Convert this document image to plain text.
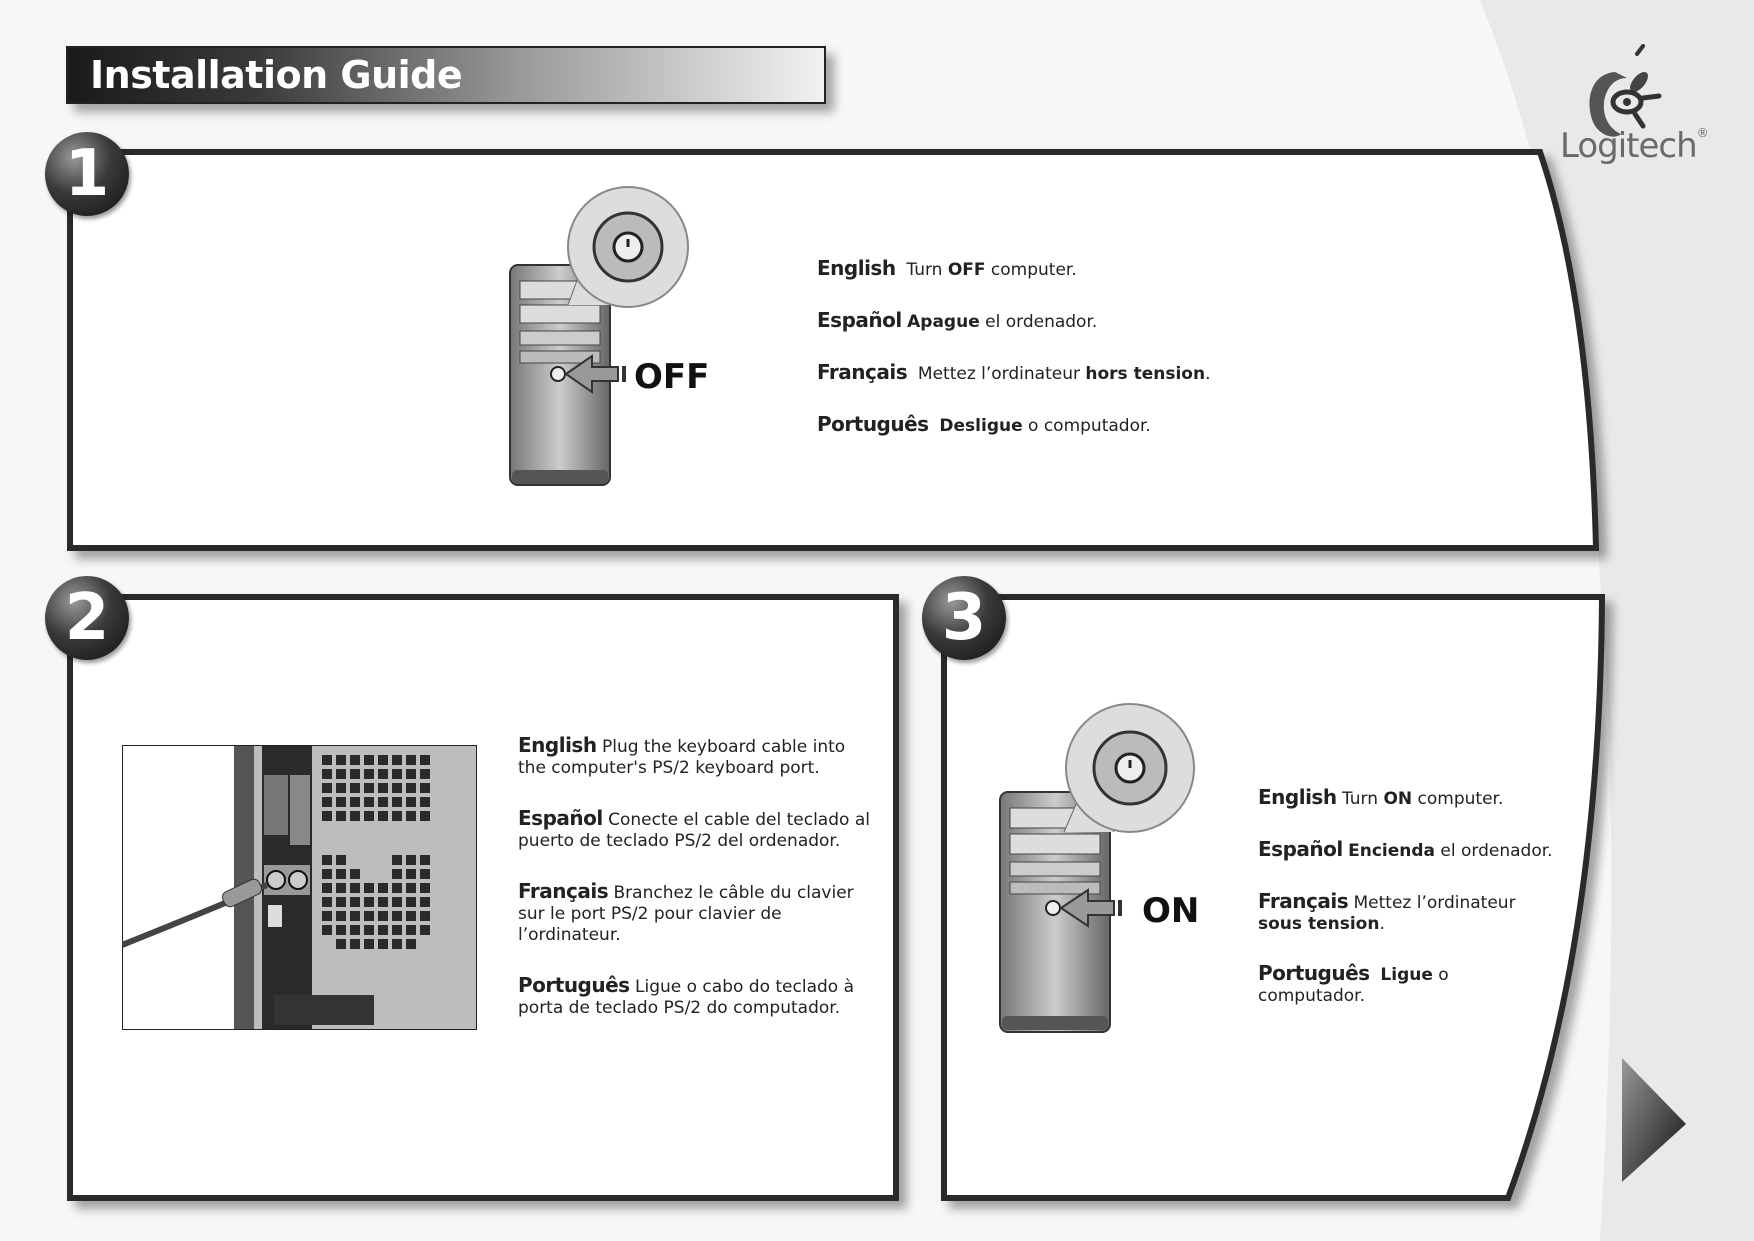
Installation Guide
Logitech®
1
2	3
OFF
English Turn OFF computer.
Español Apague el ordenador.
Français Mettez l’ordinateur hors tension.
Português Desligue o computador.
English Plug the keyboard cable into
the computer's PS/2 keyboard port.
Español Conecte el cable del teclado al
puerto de teclado PS/2 del ordenador.
Français Branchez le câble du clavier
sur le port PS/2 pour clavier de
l’ordinateur.
Português Ligue o cabo do teclado à
porta de teclado PS/2 do computador.
ON
English Turn ON computer.
Español Encienda el ordenador.
Français Mettez l’ordinateur
sous tension.
Português Ligue o
computador.
